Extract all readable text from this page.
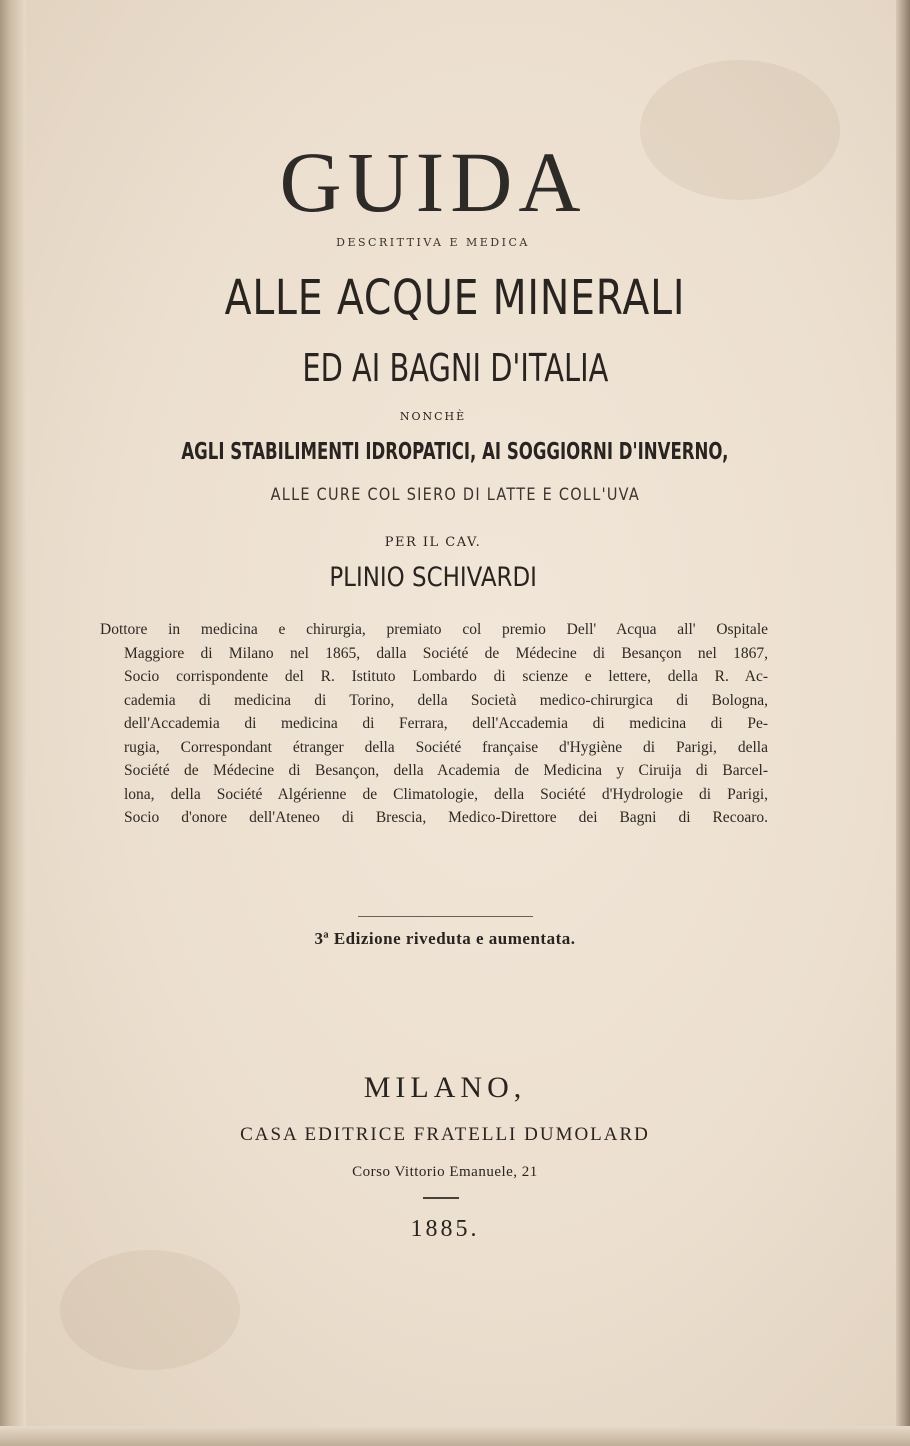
GUIDA
DESCRITTIVA E MEDICA
ALLE ACQUE MINERALI
ED AI BAGNI D'ITALIA
NONCHÈ
AGLI STABILIMENTI IDROPATICI, AI SOGGIORNI D'INVERNO,
ALLE CURE COL SIERO DI LATTE E COLL'UVA
PER IL CAV.
PLINIO SCHIVARDI
Dottore in medicina e chirurgia, premiato col premio Dell' Acqua all' Ospitale
Maggiore di Milano nel 1865, dalla Société de Médecine di Besançon nel 1867,
Socio corrispondente del R. Istituto Lombardo di scienze e lettere, della R. Ac-
cademia di medicina di Torino, della Società medico-chirurgica di Bologna,
dell'Accademia di medicina di Ferrara, dell'Accademia di medicina di Pe-
rugia, Correspondant étranger della Société française d'Hygiène di Parigi, della
Société de Médecine di Besançon, della Academia de Medicina y Ciruija di Barcel-
lona, della Société Algérienne de Climatologie, della Société d'Hydrologie di Parigi,
Socio d'onore dell'Ateneo di Brescia, Medico-Direttore dei Bagni di Recoaro.
3ª Edizione riveduta e aumentata.
MILANO,
CASA EDITRICE FRATELLI DUMOLARD
Corso Vittorio Emanuele, 21
1885.
